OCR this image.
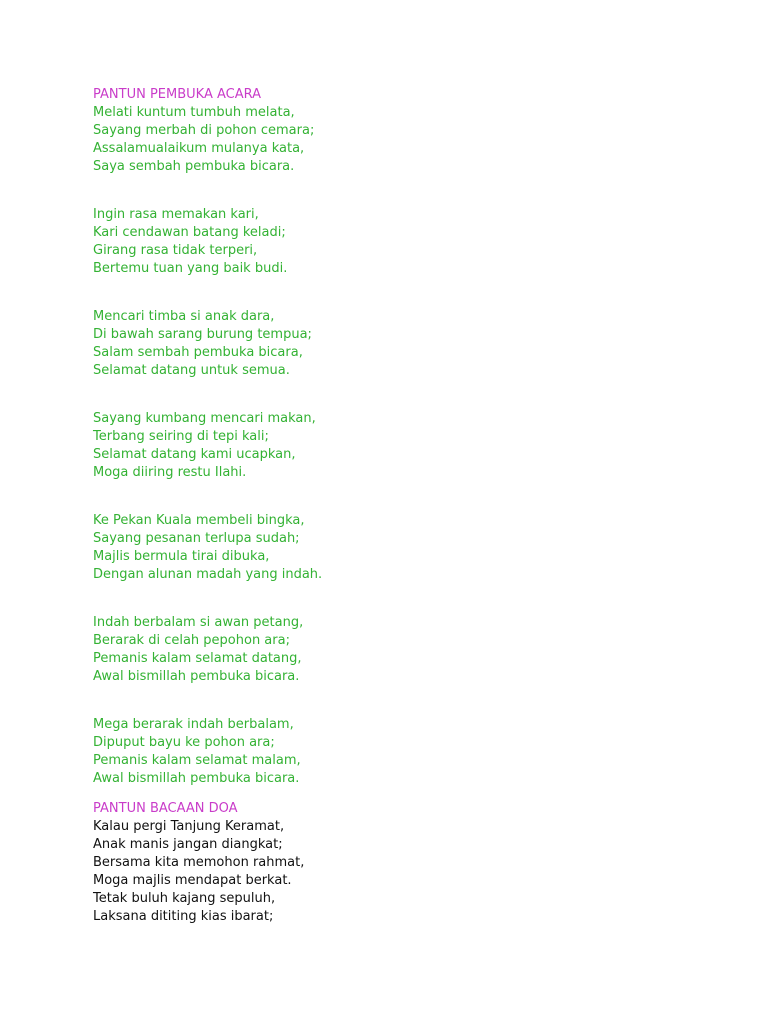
PANTUN PEMBUKA ACARA
Melati kuntum tumbuh melata,
Sayang merbah di pohon cemara;
Assalamualaikum mulanya kata,
Saya sembah pembuka bicara.
Ingin rasa memakan kari,
Kari cendawan batang keladi;
Girang rasa tidak terperi,
Bertemu tuan yang baik budi.
Mencari timba si anak dara,
Di bawah sarang burung tempua;
Salam sembah pembuka bicara,
Selamat datang untuk semua.
Sayang kumbang mencari makan,
Terbang seiring di tepi kali;
Selamat datang kami ucapkan,
Moga diiring restu Ilahi.
Ke Pekan Kuala membeli bingka,
Sayang pesanan terlupa sudah;
Majlis bermula tirai dibuka,
Dengan alunan madah yang indah.
Indah berbalam si awan petang,
Berarak di celah pepohon ara;
Pemanis kalam selamat datang,
Awal bismillah pembuka bicara.
Mega berarak indah berbalam,
Dipuput bayu ke pohon ara;
Pemanis kalam selamat malam,
Awal bismillah pembuka bicara.
PANTUN BACAAN DOA
Kalau pergi Tanjung Keramat,
Anak manis jangan diangkat;
Bersama kita memohon rahmat,
Moga majlis mendapat berkat.
Tetak buluh kajang sepuluh,
Laksana dititing kias ibarat;
